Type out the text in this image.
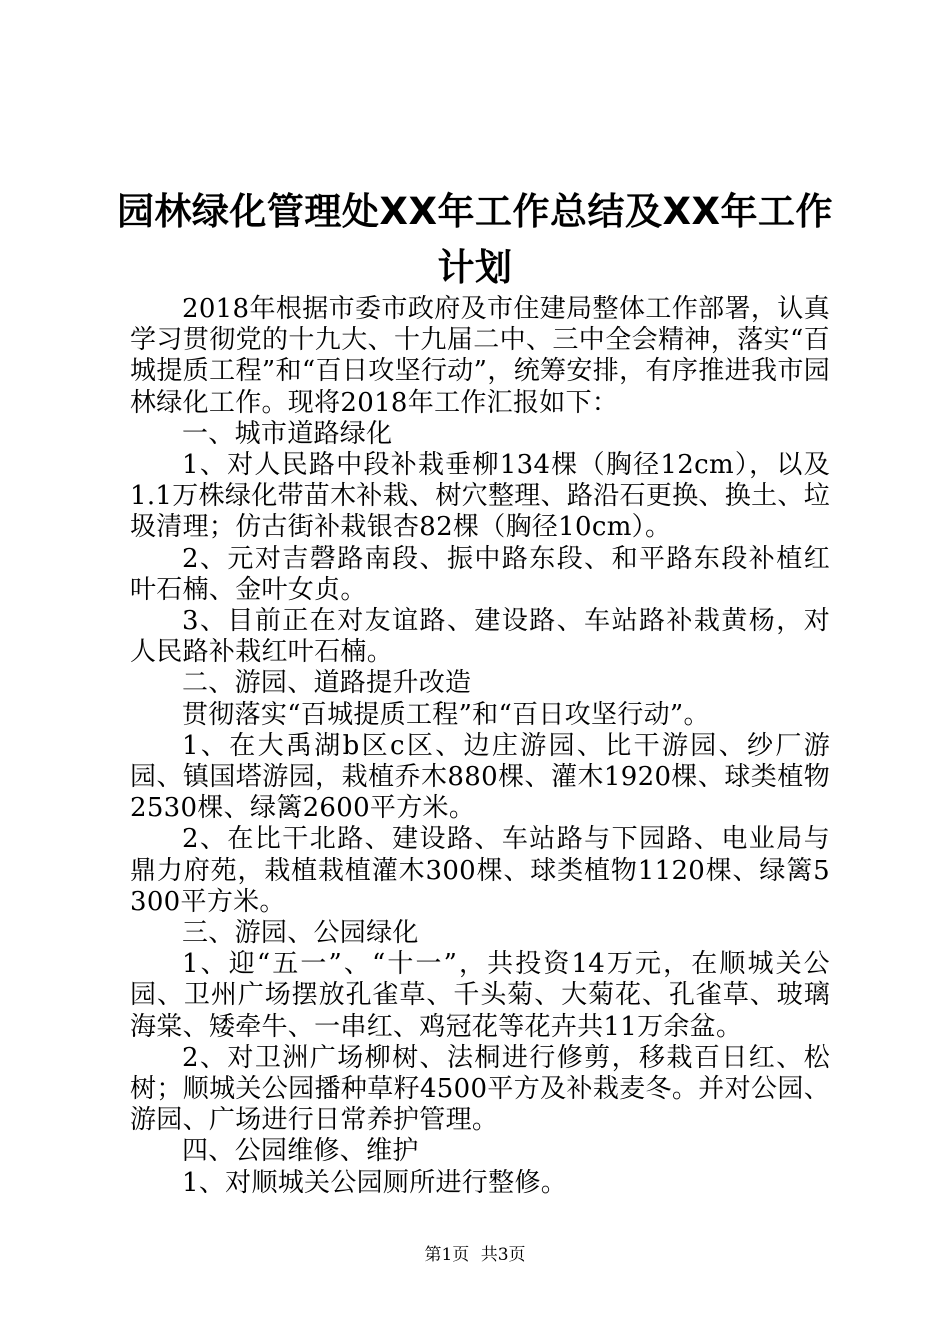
园林绿化管理处XX年工作总结及XX年工作计划

2018年根据市委市政府及市住建局整体工作部署，认真学习贯彻党的十九大、十九届二中、三中全会精神，落实“百城提质工程”和“百日攻坚行动”，统筹安排，有序推进我市园林绿化工作。现将2018年工作汇报如下：

一、城市道路绿化

1、对人民路中段补栽垂柳134棵（胸径12cm），以及1.1万株绿化带苗木补栽、树穴整理、路沿石更换、换土、垃圾清理；仿古街补栽银杏82棵（胸径10cm）。

2、元对吉磬路南段、振中路东段、和平路东段补植红叶石楠、金叶女贞。

3、目前正在对友谊路、建设路、车站路补栽黄杨，对人民路补栽红叶石楠。

二、游园、道路提升改造

贯彻落实“百城提质工程”和“百日攻坚行动”。

1、在大禹湖b区c区、边庄游园、比干游园、纱厂游园、镇国塔游园，栽植乔木880棵、灌木1920棵、球类植物2530棵、绿篱2600平方米。

2、在比干北路、建设路、车站路与下园路、电业局与鼎力府苑，栽植栽植灌木300棵、球类植物1120棵、绿篱5300平方米。

三、游园、公园绿化

1、迎“五一”、“十一”，共投资14万元，在顺城关公园、卫州广场摆放孔雀草、千头菊、大菊花、孔雀草、玻璃海棠、矮牵牛、一串红、鸡冠花等花卉共11万余盆。

2、对卫洲广场柳树、法桐进行修剪，移栽百日红、松树；顺城关公园播种草籽4500平方及补栽麦冬。并对公园、游园、广场进行日常养护管理。

四、公园维修、维护

1、对顺城关公园厕所进行整修。

第1页 共3页
